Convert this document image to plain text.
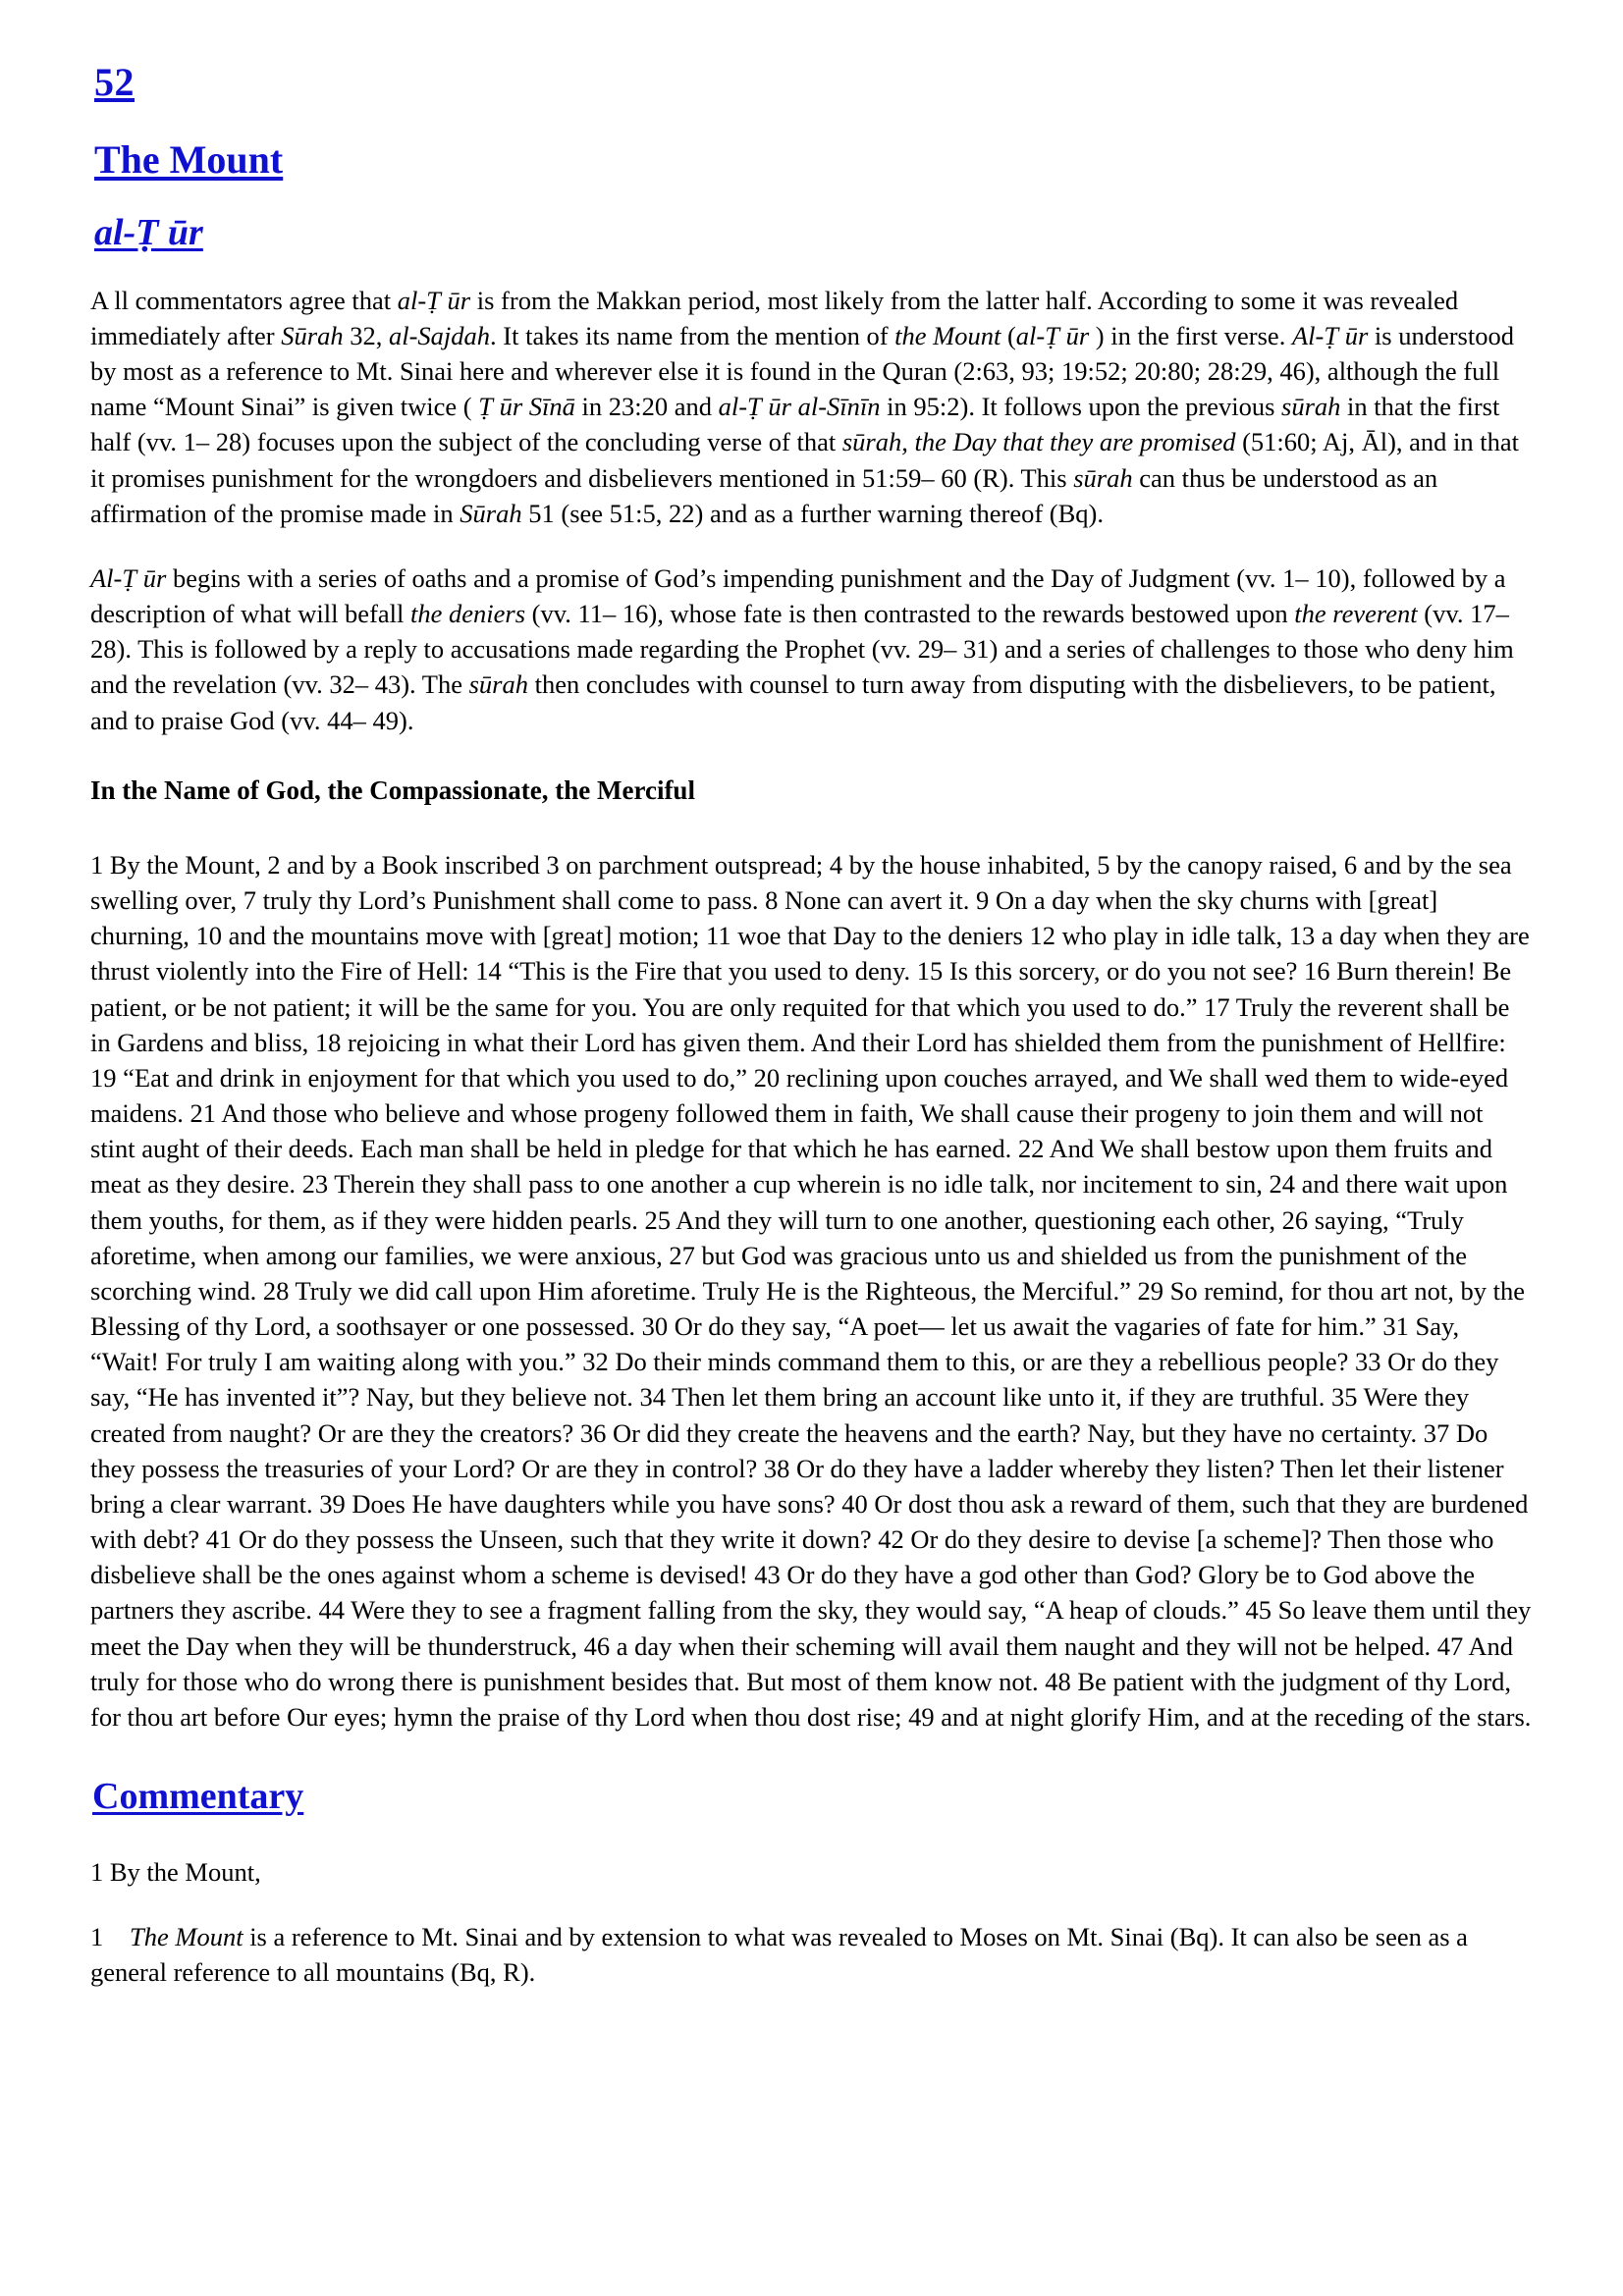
52
The Mount
al-Ṭ ūr

A ll commentators agree that al-Ṭ ūr is from the Makkan period, most likely from the latter half. According to some it was revealed immediately after Sūrah 32, al-Sajdah. It takes its name from the mention of the Mount (al-Ṭ ūr ) in the first verse. Al-Ṭ ūr is understood by most as a reference to Mt. Sinai here and wherever else it is found in the Quran (2:63, 93; 19:52; 20:80; 28:29, 46), although the full name “Mount Sinai” is given twice ( Ṭ ūr Sīnā in 23:20 and al-Ṭ ūr al-Sīnīn in 95:2). It follows upon the previous sūrah in that the first half (vv. 1– 28) focuses upon the subject of the concluding verse of that sūrah, the Day that they are promised (51:60; Aj, Āl), and in that it promises punishment for the wrongdoers and disbelievers mentioned in 51:59– 60 (R). This sūrah can thus be understood as an affirmation of the promise made in Sūrah 51 (see 51:5, 22) and as a further warning thereof (Bq).

Al-Ṭ ūr begins with a series of oaths and a promise of God’s impending punishment and the Day of Judgment (vv. 1– 10), followed by a description of what will befall the deniers (vv. 11– 16), whose fate is then contrasted to the rewards bestowed upon the reverent (vv. 17– 28). This is followed by a reply to accusations made regarding the Prophet (vv. 29– 31) and a series of challenges to those who deny him and the revelation (vv. 32– 43). The sūrah then concludes with counsel to turn away from disputing with the disbelievers, to be patient, and to praise God (vv. 44– 49).

In the Name of God, the Compassionate, the Merciful

1 By the Mount, 2 and by a Book inscribed 3 on parchment outspread; 4 by the house inhabited, 5 by the canopy raised, 6 and by the sea swelling over, 7 truly thy Lord’s Punishment shall come to pass. 8 None can avert it. 9 On a day when the sky churns with [great] churning, 10 and the mountains move with [great] motion; 11 woe that Day to the deniers 12 who play in idle talk, 13 a day when they are thrust violently into the Fire of Hell: 14 “This is the Fire that you used to deny. 15 Is this sorcery, or do you not see? 16 Burn therein! Be patient, or be not patient; it will be the same for you. You are only requited for that which you used to do.” 17 Truly the reverent shall be in Gardens and bliss, 18 rejoicing in what their Lord has given them. And their Lord has shielded them from the punishment of Hellfire: 19 “Eat and drink in enjoyment for that which you used to do,” 20 reclining upon couches arrayed, and We shall wed them to wide-eyed maidens. 21 And those who believe and whose progeny followed them in faith, We shall cause their progeny to join them and will not stint aught of their deeds. Each man shall be held in pledge for that which he has earned. 22 And We shall bestow upon them fruits and meat as they desire. 23 Therein they shall pass to one another a cup wherein is no idle talk, nor incitement to sin, 24 and there wait upon them youths, for them, as if they were hidden pearls. 25 And they will turn to one another, questioning each other, 26 saying, “Truly aforetime, when among our families, we were anxious, 27 but God was gracious unto us and shielded us from the punishment of the scorching wind. 28 Truly we did call upon Him aforetime. Truly He is the Righteous, the Merciful.” 29 So remind, for thou art not, by the Blessing of thy Lord, a soothsayer or one possessed. 30 Or do they say, “A poet— let us await the vagaries of fate for him.” 31 Say, “Wait! For truly I am waiting along with you.” 32 Do their minds command them to this, or are they a rebellious people? 33 Or do they say, “He has invented it”? Nay, but they believe not. 34 Then let them bring an account like unto it, if they are truthful. 35 Were they created from naught? Or are they the creators? 36 Or did they create the heavens and the earth? Nay, but they have no certainty. 37 Do they possess the treasuries of your Lord? Or are they in control? 38 Or do they have a ladder whereby they listen? Then let their listener bring a clear warrant. 39 Does He have daughters while you have sons? 40 Or dost thou ask a reward of them, such that they are burdened with debt? 41 Or do they possess the Unseen, such that they write it down? 42 Or do they desire to devise [a scheme]? Then those who disbelieve shall be the ones against whom a scheme is devised! 43 Or do they have a god other than God? Glory be to God above the partners they ascribe. 44 Were they to see a fragment falling from the sky, they would say, “A heap of clouds.” 45 So leave them until they meet the Day when they will be thunderstruck, 46 a day when their scheming will avail them naught and they will not be helped. 47 And truly for those who do wrong there is punishment besides that. But most of them know not. 48 Be patient with the judgment of thy Lord, for thou art before Our eyes; hymn the praise of thy Lord when thou dost rise; 49 and at night glorify Him, and at the receding of the stars.

Commentary

1 By the Mount,

1 The Mount is a reference to Mt. Sinai and by extension to what was revealed to Moses on Mt. Sinai (Bq). It can also be seen as a general reference to all mountains (Bq, R).
